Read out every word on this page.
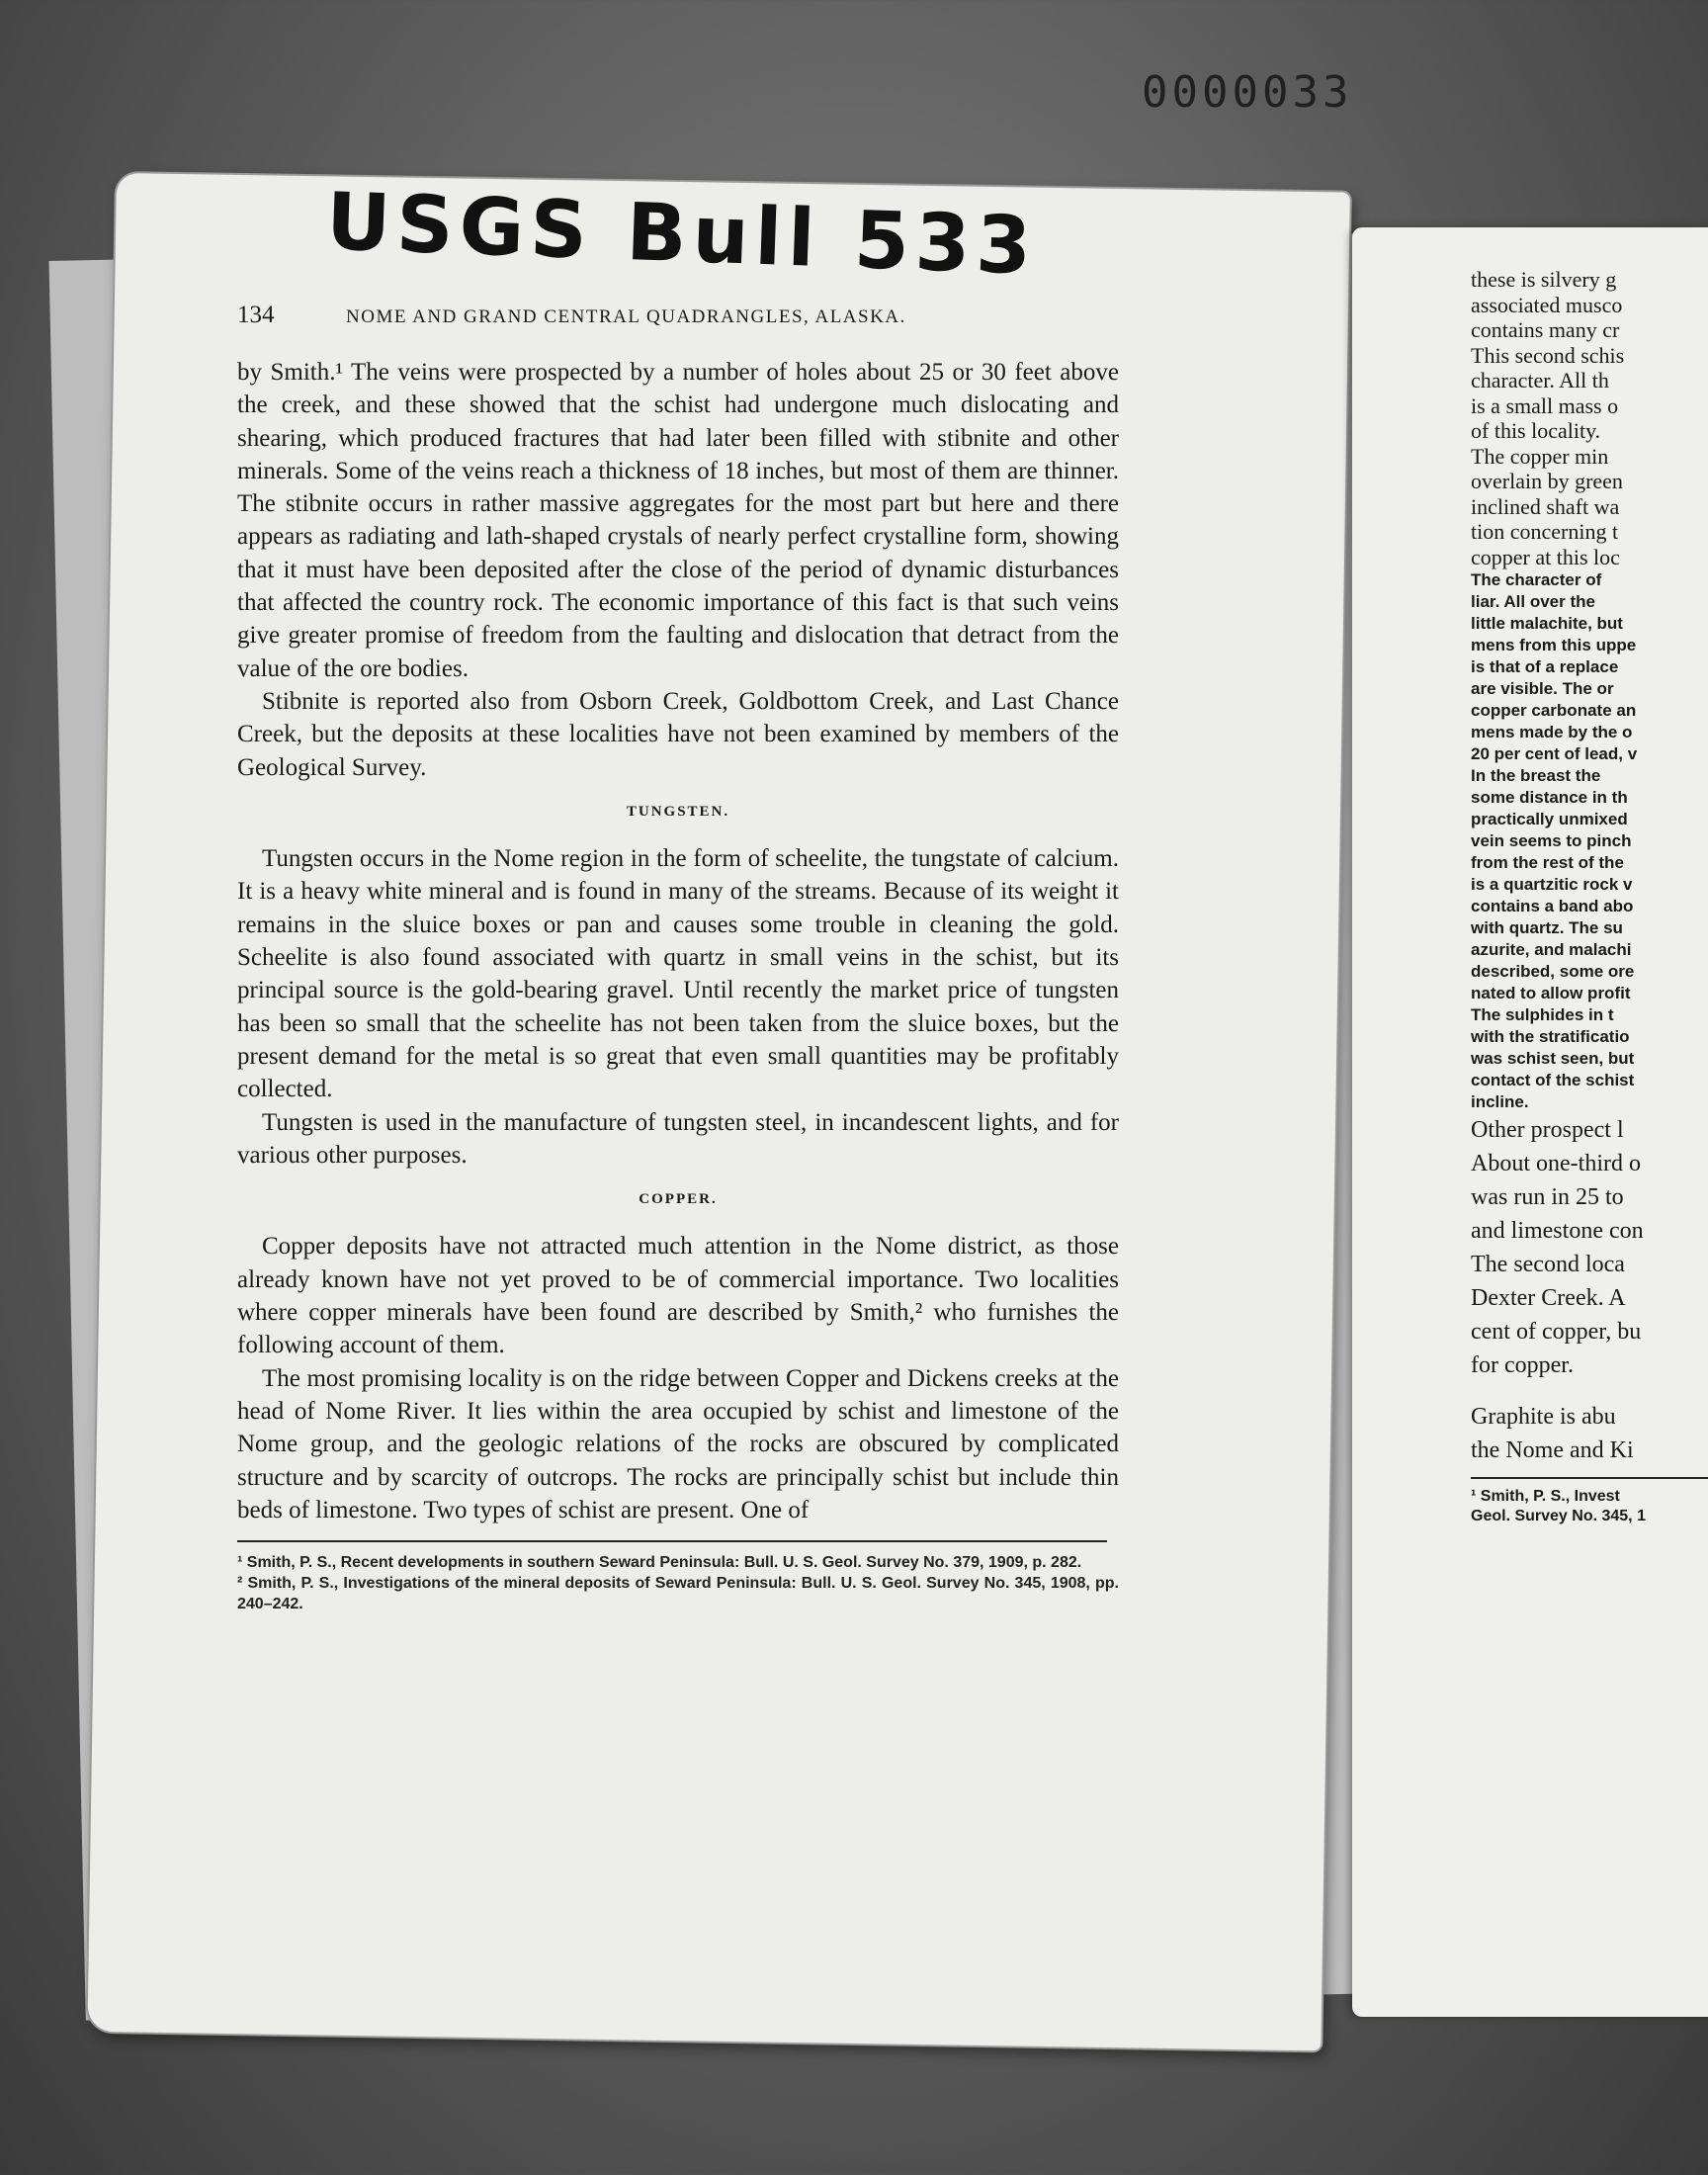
0000033
USGS Bull 533
134	NOME AND GRAND CENTRAL QUADRANGLES, ALASKA.

by Smith.¹ The veins were prospected by a number of holes about 25 or 30 feet above the creek, and these showed that the schist had undergone much dislocating and shearing, which produced fractures that had later been filled with stibnite and other minerals. Some of the veins reach a thickness of 18 inches, but most of them are thinner. The stibnite occurs in rather massive aggregates for the most part but here and there appears as radiating and lath-shaped crystals of nearly perfect crystalline form, showing that it must have been deposited after the close of the period of dynamic disturbances that affected the country rock. The economic importance of this fact is that such veins give greater promise of freedom from the faulting and dislocation that detract from the value of the ore bodies.

Stibnite is reported also from Osborn Creek, Goldbottom Creek, and Last Chance Creek, but the deposits at these localities have not been examined by members of the Geological Survey.

TUNGSTEN.

Tungsten occurs in the Nome region in the form of scheelite, the tungstate of calcium. It is a heavy white mineral and is found in many of the streams. Because of its weight it remains in the sluice boxes or pan and causes some trouble in cleaning the gold. Scheelite is also found associated with quartz in small veins in the schist, but its principal source is the gold-bearing gravel. Until recently the market price of tungsten has been so small that the scheelite has not been taken from the sluice boxes, but the present demand for the metal is so great that even small quantities may be profitably collected.

Tungsten is used in the manufacture of tungsten steel, in incandescent lights, and for various other purposes.

COPPER.

Copper deposits have not attracted much attention in the Nome district, as those already known have not yet proved to be of commercial importance. Two localities where copper minerals have been found are described by Smith,² who furnishes the following account of them.

The most promising locality is on the ridge between Copper and Dickens creeks at the head of Nome River. It lies within the area occupied by schist and limestone of the Nome group, and the geologic relations of the rocks are obscured by complicated structure and by scarcity of outcrops. The rocks are principally schist but include thin beds of limestone. Two types of schist are present. One of

¹ Smith, P. S., Recent developments in southern Seward Peninsula: Bull. U. S. Geol. Survey No. 379, 1909, p. 282.
² Smith, P. S., Investigations of the mineral deposits of Seward Peninsula: Bull. U. S. Geol. Survey No. 345, 1908, pp. 240–242.
these is silvery g
associated musco
contains many cr
This second schis
character. All th
is a small mass o
of this locality.
The copper min
overlain by green
inclined shaft wa
tion concerning t
copper at this loc
The character of
liar. All over the
little malachite, but
mens from this uppe
is that of a replace
are visible. The or
copper carbonate an
mens made by the o
20 per cent of lead, v
In the breast the
some distance in th
practically unmixed
vein seems to pinch
from the rest of the
is a quartzitic rock v
contains a band abo
with quartz. The su
azurite, and malachi
described, some ore
nated to allow profit
The sulphides in t
with the stratificatio
was schist seen, but
contact of the schist
incline.
Other prospect l
About one-third o
was run in 25 to
and limestone con
The second loca
Dexter Creek. A
cent of copper, bu
for copper.
Graphite is abu
the Nome and Ki
¹ Smith, P. S., Invest
Geol. Survey No. 345, 1
